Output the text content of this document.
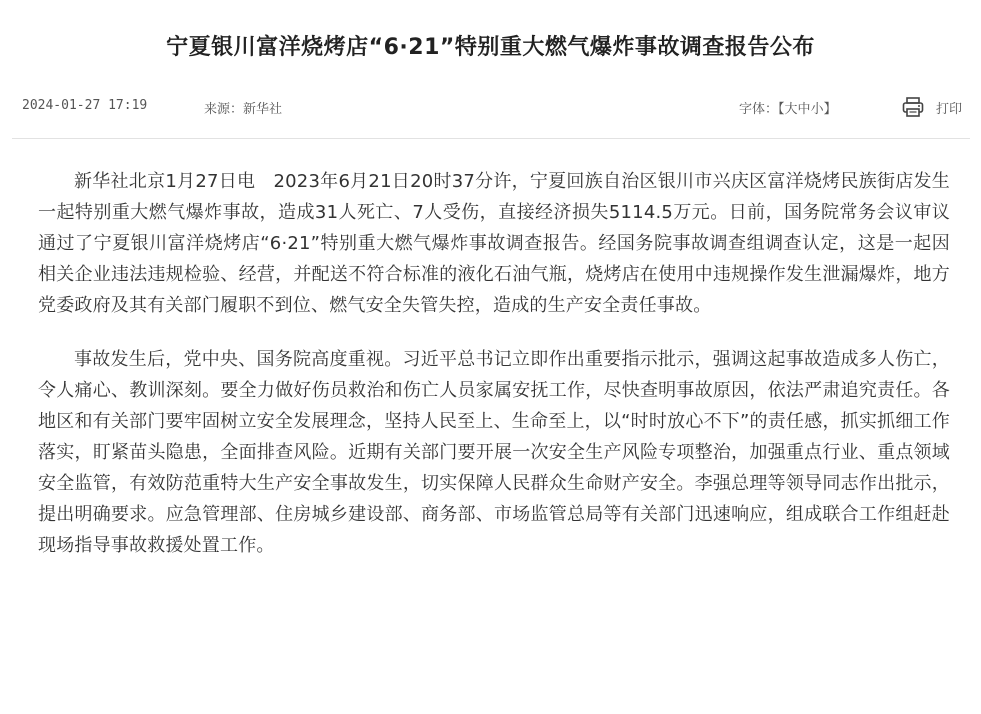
宁夏银川富洋烧烤店“6·21”特别重大燃气爆炸事故调查报告公布
2024-01-27 17:19	来源：新华社	字体：【大中小】	打印

新华社北京1月27日电　2023年6月21日20时37分许，宁夏回族自治区银川市兴庆区富洋烧烤民族街店发生一起特别重大燃气爆炸事故，造成31人死亡、7人受伤，直接经济损失5114.5万元。日前，国务院常务会议审议通过了宁夏银川富洋烧烤店“6·21”特别重大燃气爆炸事故调查报告。经国务院事故调查组调查认定，这是一起因相关企业违法违规检验、经营，并配送不符合标准的液化石油气瓶，烧烤店在使用中违规操作发生泄漏爆炸，地方党委政府及其有关部门履职不到位、燃气安全失管失控，造成的生产安全责任事故。

事故发生后，党中央、国务院高度重视。习近平总书记立即作出重要指示批示，强调这起事故造成多人伤亡，令人痛心、教训深刻。要全力做好伤员救治和伤亡人员家属安抚工作，尽快查明事故原因，依法严肃追究责任。各地区和有关部门要牢固树立安全发展理念，坚持人民至上、生命至上，以“时时放心不下”的责任感，抓实抓细工作落实，盯紧苗头隐患，全面排查风险。近期有关部门要开展一次安全生产风险专项整治，加强重点行业、重点领域安全监管，有效防范重特大生产安全事故发生，切实保障人民群众生命财产安全。李强总理等领导同志作出批示，提出明确要求。应急管理部、住房城乡建设部、商务部、市场监管总局等有关部门迅速响应，组成联合工作组赶赴现场指导事故救援处置工作。
